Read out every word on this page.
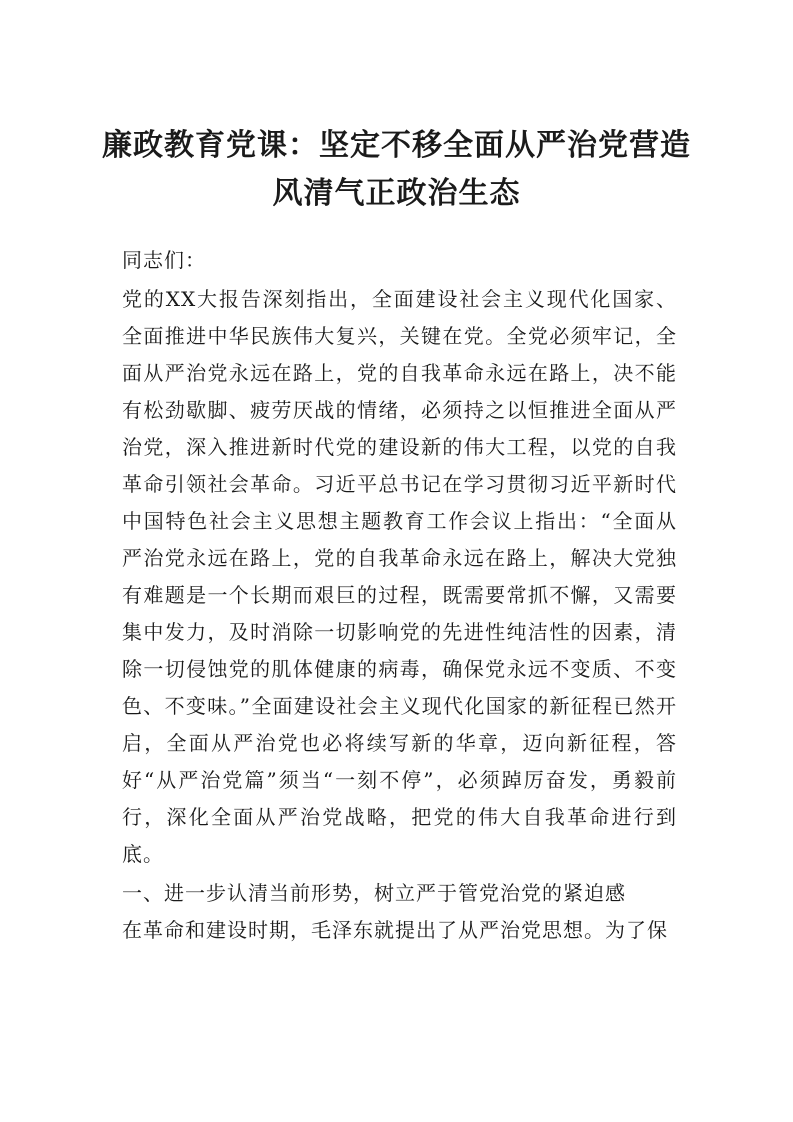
廉政教育党课：坚定不移全面从严治党营造
风清气正政治生态

同志们：

党的XX大报告深刻指出，全面建设社会主义现代化国家、全面推进中华民族伟大复兴，关键在党。全党必须牢记，全面从严治党永远在路上，党的自我革命永远在路上，决不能有松劲歇脚、疲劳厌战的情绪，必须持之以恒推进全面从严治党，深入推进新时代党的建设新的伟大工程，以党的自我革命引领社会革命。习近平总书记在学习贯彻习近平新时代中国特色社会主义思想主题教育工作会议上指出：“全面从严治党永远在路上，党的自我革命永远在路上，解决大党独有难题是一个长期而艰巨的过程，既需要常抓不懈，又需要集中发力，及时消除一切影响党的先进性纯洁性的因素，清除一切侵蚀党的肌体健康的病毒，确保党永远不变质、不变色、不变味。”全面建设社会主义现代化国家的新征程已然开启，全面从严治党也必将续写新的华章，迈向新征程，答好“从严治党篇”须当“一刻不停”，必须踔厉奋发，勇毅前行，深化全面从严治党战略，把党的伟大自我革命进行到底。

一、进一步认清当前形势，树立严于管党治党的紧迫感

在革命和建设时期，毛泽东就提出了从严治党思想。为了保
